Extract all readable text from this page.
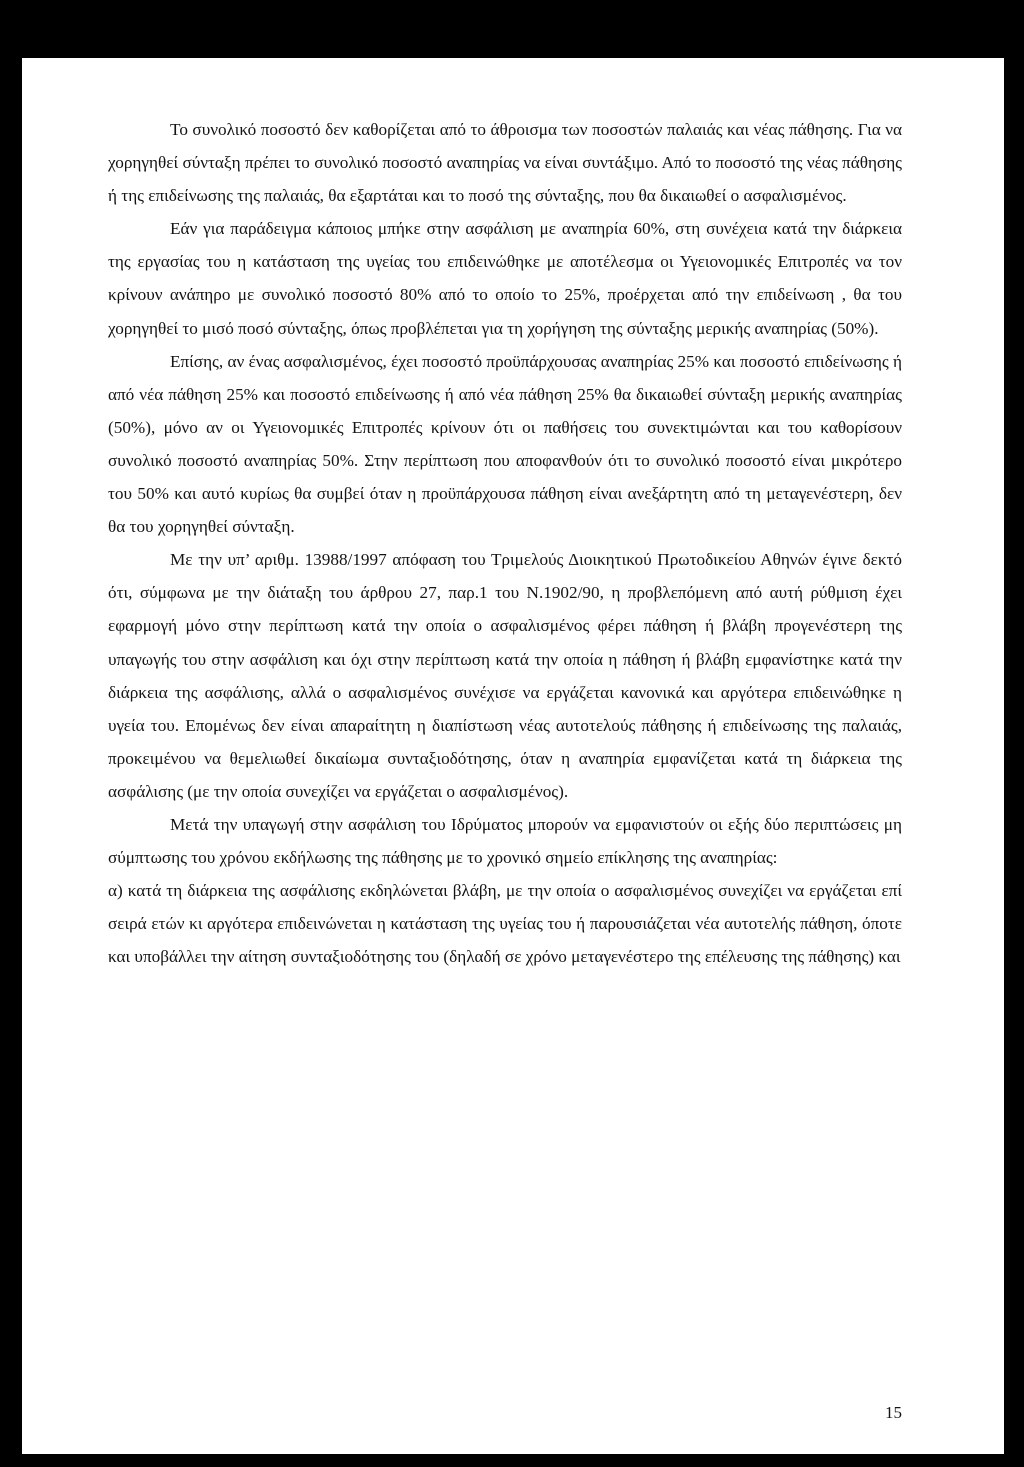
Το συνολικό ποσοστό δεν καθορίζεται από το άθροισμα των ποσοστών παλαιάς και νέας πάθησης. Για να χορηγηθεί σύνταξη πρέπει το συνολικό ποσοστό αναπηρίας να είναι συντάξιμο. Από το ποσοστό της νέας πάθησης ή της επιδείνωσης της παλαιάς, θα εξαρτάται και το ποσό της σύνταξης, που θα δικαιωθεί ο ασφαλισμένος.

Εάν για παράδειγμα κάποιος μπήκε στην ασφάλιση με αναπηρία 60%, στη συνέχεια κατά την διάρκεια της εργασίας του η κατάσταση της υγείας του επιδεινώθηκε με αποτέλεσμα οι Υγειονομικές Επιτροπές να τον κρίνουν ανάπηρο με συνολικό ποσοστό 80% από το οποίο το 25%, προέρχεται από την επιδείνωση , θα του χορηγηθεί το μισό ποσό σύνταξης, όπως προβλέπεται για τη χορήγηση της σύνταξης μερικής αναπηρίας (50%).

Επίσης, αν ένας ασφαλισμένος, έχει ποσοστό προϋπάρχουσας αναπηρίας 25% και ποσοστό επιδείνωσης ή από νέα πάθηση 25% και ποσοστό επιδείνωσης ή από νέα πάθηση 25% θα δικαιωθεί σύνταξη μερικής αναπηρίας (50%), μόνο αν οι Υγειονομικές Επιτροπές κρίνουν ότι οι παθήσεις του συνεκτιμώνται και του καθορίσουν συνολικό ποσοστό αναπηρίας 50%. Στην περίπτωση που αποφανθούν ότι το συνολικό ποσοστό είναι μικρότερο του 50% και αυτό κυρίως θα συμβεί όταν η προϋπάρχουσα πάθηση είναι ανεξάρτητη από τη μεταγενέστερη, δεν θα του χορηγηθεί σύνταξη.

Με την υπ’ αριθμ. 13988/1997 απόφαση του Τριμελούς Διοικητικού Πρωτοδικείου Αθηνών έγινε δεκτό ότι, σύμφωνα με την διάταξη του άρθρου 27, παρ.1 του Ν.1902/90, η προβλεπόμενη από αυτή ρύθμιση έχει εφαρμογή μόνο στην περίπτωση κατά την οποία ο ασφαλισμένος φέρει πάθηση ή βλάβη προγενέστερη της υπαγωγής του στην ασφάλιση και όχι στην περίπτωση κατά την οποία η πάθηση ή βλάβη εμφανίστηκε κατά την διάρκεια της ασφάλισης, αλλά ο ασφαλισμένος συνέχισε να εργάζεται κανονικά και αργότερα επιδεινώθηκε η υγεία του. Επομένως δεν είναι απαραίτητη η διαπίστωση νέας αυτοτελούς πάθησης ή επιδείνωσης της παλαιάς, προκειμένου να θεμελιωθεί δικαίωμα συνταξιοδότησης, όταν η αναπηρία εμφανίζεται κατά τη διάρκεια της ασφάλισης (με την οποία συνεχίζει να εργάζεται ο ασφαλισμένος).

Μετά την υπαγωγή στην ασφάλιση του Ιδρύματος μπορούν να εμφανιστούν οι εξής δύο περιπτώσεις μη σύμπτωσης του χρόνου εκδήλωσης της πάθησης με το χρονικό σημείο επίκλησης της αναπηρίας:

α) κατά τη διάρκεια της ασφάλισης εκδηλώνεται βλάβη, με την οποία ο ασφαλισμένος συνεχίζει να εργάζεται επί σειρά ετών κι αργότερα επιδεινώνεται η κατάσταση της υγείας του ή παρουσιάζεται νέα αυτοτελής πάθηση, όποτε και υποβάλλει την αίτηση συνταξιοδότησης του (δηλαδή σε χρόνο μεταγενέστερο της επέλευσης της πάθησης) και

15
